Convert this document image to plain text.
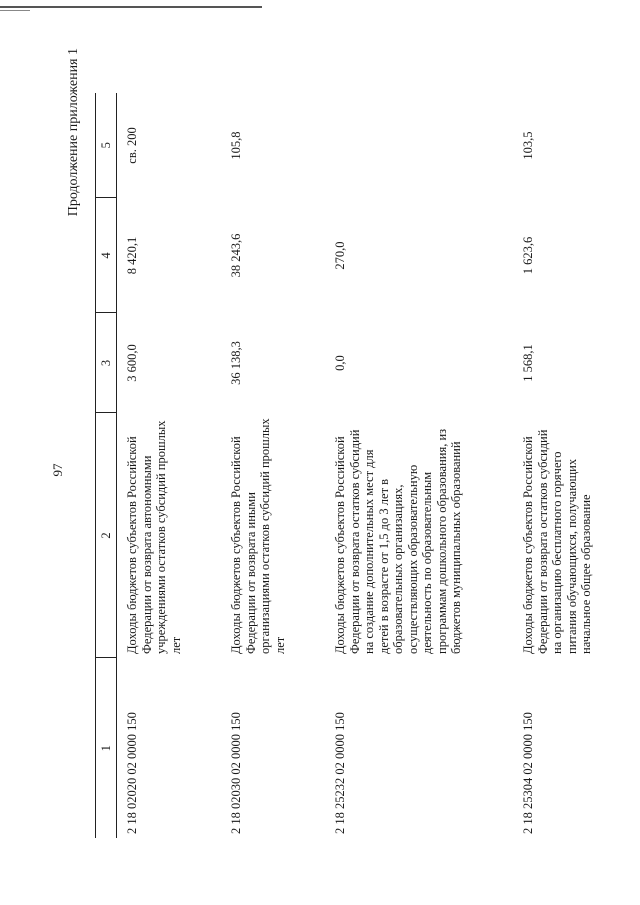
97
Продолжение приложения 1
1	2	3	4	5
2 18 02020 02 0000 150	Доходы бюджетов субъектов Российской Федерации от возврата автономными учреждениями остатков субсидий прошлых лет	3 600,0	8 420,1	св. 200
2 18 02030 02 0000 150	Доходы бюджетов субъектов Российской Федерации от возврата иными организациями остатков субсидий прошлых лет	36 138,3	38 243,6	105,8
2 18 25232 02 0000 150	Доходы бюджетов субъектов Российской Федерации от возврата остатков субсидий на создание дополнительных мест для детей в возрасте от 1,5 до 3 лет в образовательных организациях, осуществляющих образовательную деятельность по образовательным программам дошкольного образования, из бюджетов муниципальных образований	0,0	270,0	
2 18 25304 02 0000 150	Доходы бюджетов субъектов Российской Федерации от возврата остатков субсидий на организацию бесплатного горячего питания обучающихся, получающих начальное общее образование	1 568,1	1 623,6	103,5
